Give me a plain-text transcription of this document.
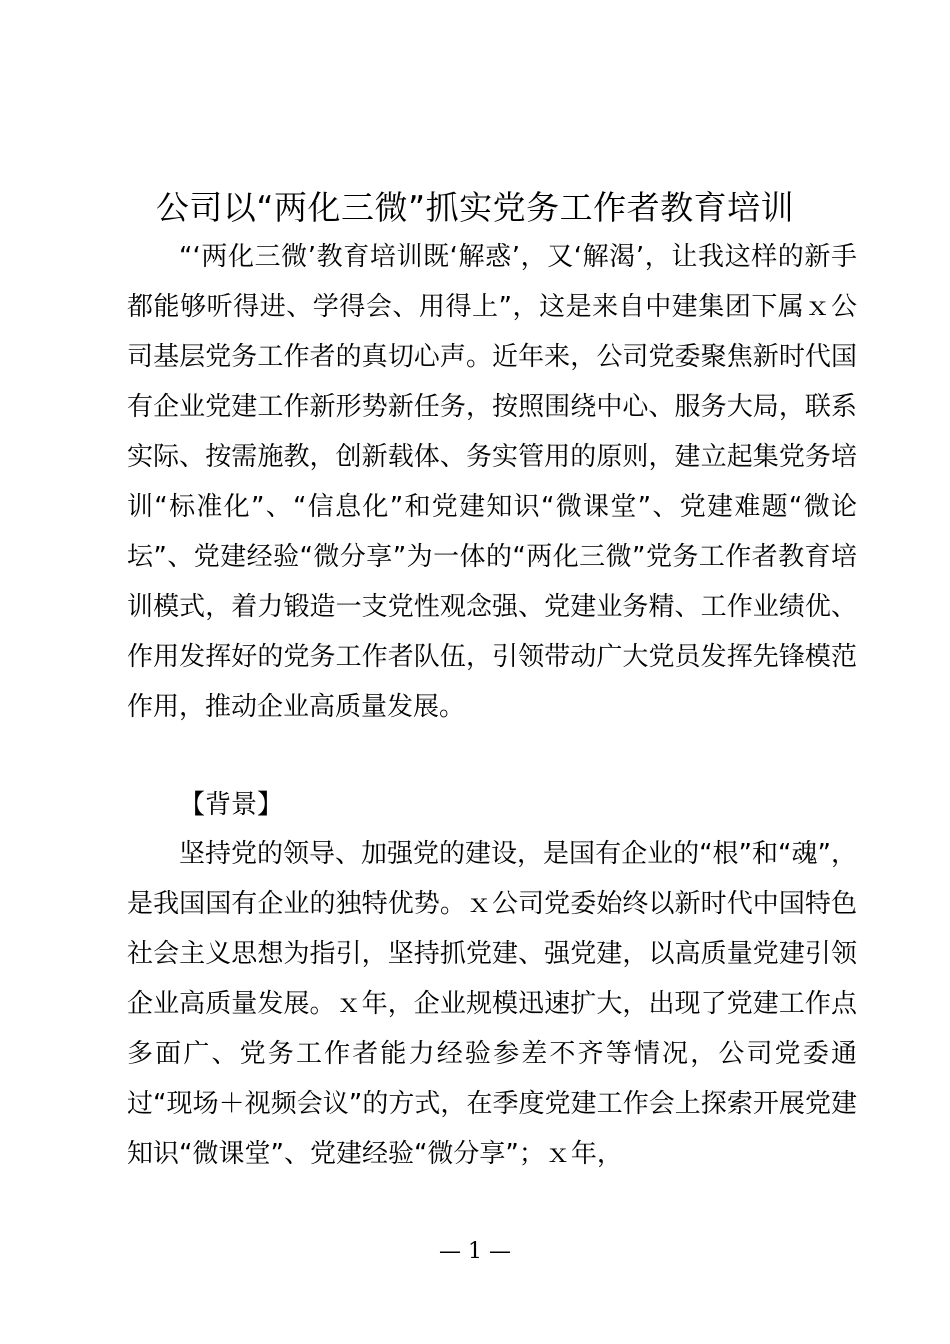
公司以“两化三微”抓实党务工作者教育培训

“‘两化三微’教育培训既‘解惑’，又‘解渴’，让我这样的新手都能够听得进、学得会、用得上”，这是来自中建集团下属ｘ公司基层党务工作者的真切心声。近年来，公司党委聚焦新时代国有企业党建工作新形势新任务，按照围绕中心、服务大局，联系实际、按需施教，创新载体、务实管用的原则，建立起集党务培训“标准化”、“信息化”和党建知识“微课堂”、党建难题“微论坛”、党建经验“微分享”为一体的“两化三微”党务工作者教育培训模式，着力锻造一支党性观念强、党建业务精、工作业绩优、作用发挥好的党务工作者队伍，引领带动广大党员发挥先锋模范作用，推动企业高质量发展。

【背景】

坚持党的领导、加强党的建设，是国有企业的“根”和“魂”，是我国国有企业的独特优势。ｘ公司党委始终以新时代中国特色社会主义思想为指引，坚持抓党建、强党建，以高质量党建引领企业高质量发展。ｘ年，企业规模迅速扩大，出现了党建工作点多面广、党务工作者能力经验参差不齐等情况，公司党委通过“现场＋视频会议”的方式，在季度党建工作会上探索开展党建知识“微课堂”、党建经验“微分享”；ｘ年，

— 1 —
